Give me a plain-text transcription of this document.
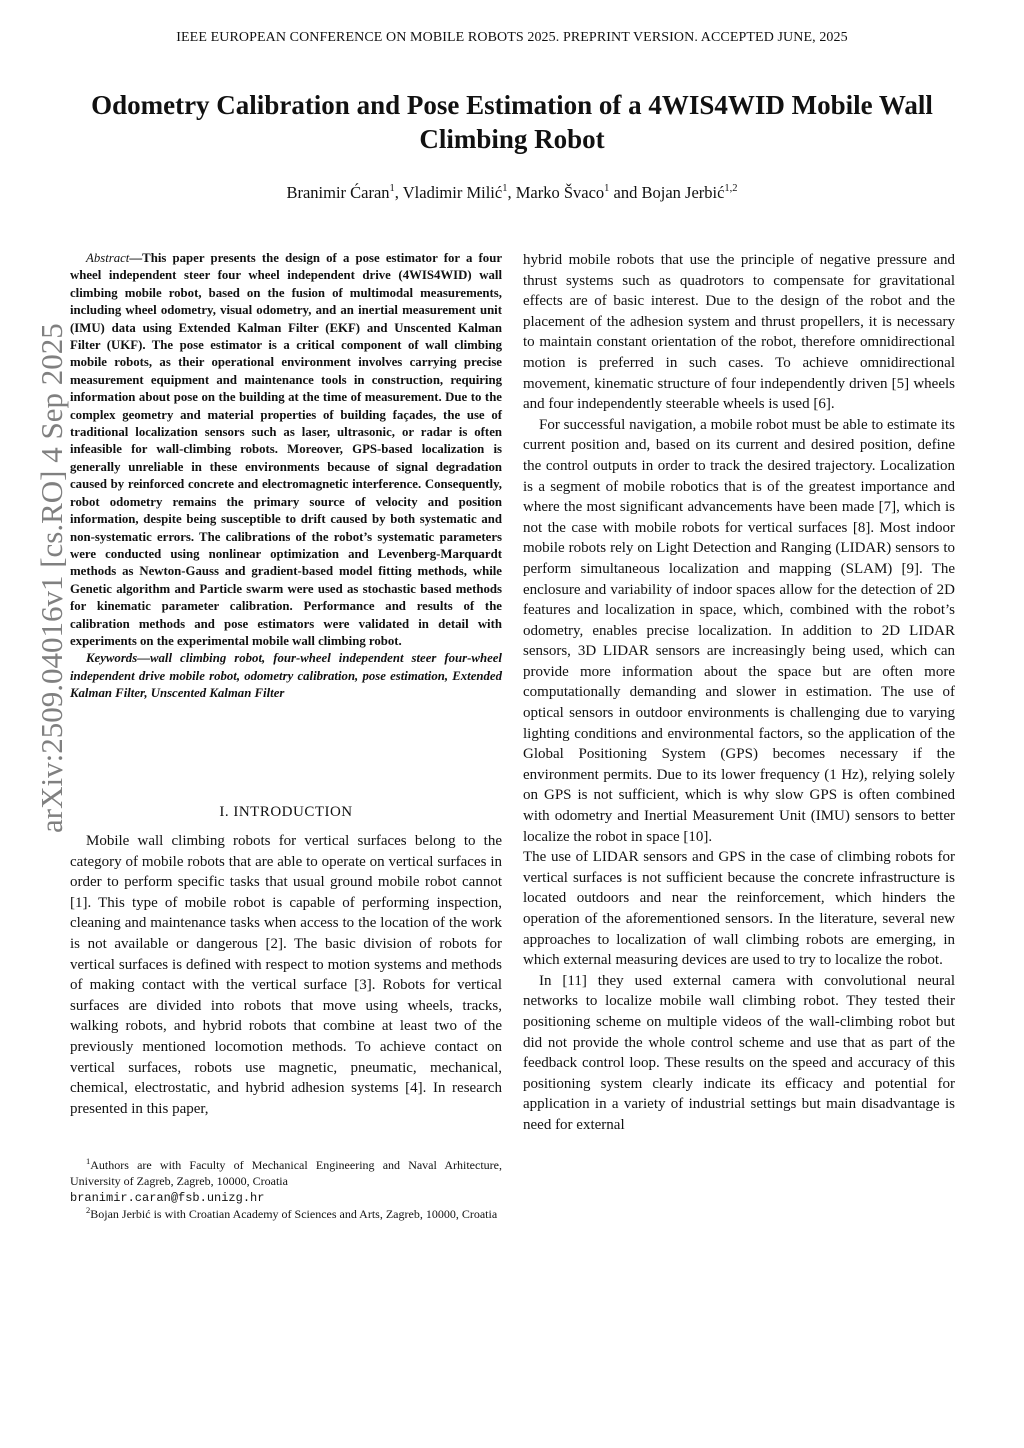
IEEE EUROPEAN CONFERENCE ON MOBILE ROBOTS 2025. PREPRINT VERSION. ACCEPTED JUNE, 2025
Odometry Calibration and Pose Estimation of a 4WIS4WID Mobile Wall Climbing Robot
Branimir Ćaran$^1$, Vladimir Milić$^1$, Marko Švaco$^1$ and Bojan Jerbić$^{1,2}$
arXiv:2509.04016v1 [cs.RO] 4 Sep 2025

Abstract—This paper presents the design of a pose estimator for a four wheel independent steer four wheel independent drive (4WIS4WID) wall climbing mobile robot, based on the fusion of multimodal measurements, including wheel odometry, visual odometry, and an inertial measurement unit (IMU) data using Extended Kalman Filter (EKF) and Unscented Kalman Filter (UKF). The pose estimator is a critical component of wall climbing mobile robots, as their operational environment involves carrying precise measurement equipment and maintenance tools in construction, requiring information about pose on the building at the time of measurement. Due to the complex geometry and material properties of building façades, the use of traditional localization sensors such as laser, ultrasonic, or radar is often infeasible for wall-climbing robots. Moreover, GPS-based localization is generally unreliable in these environments because of signal degradation caused by reinforced concrete and electromagnetic interference. Consequently, robot odometry remains the primary source of velocity and position information, despite being susceptible to drift caused by both systematic and non-systematic errors. The calibrations of the robot’s systematic parameters were conducted using nonlinear optimization and Levenberg-Marquardt methods as Newton-Gauss and gradient-based model fitting methods, while Genetic algorithm and Particle swarm were used as stochastic based methods for kinematic parameter calibration. Performance and results of the calibration methods and pose estimators were validated in detail with experiments on the experimental mobile wall climbing robot.

Keywords—wall climbing robot, four-wheel independent steer four-wheel independent drive mobile robot, odometry calibration, pose estimation, Extended Kalman Filter, Unscented Kalman Filter

I. INTRODUCTION

Mobile wall climbing robots for vertical surfaces belong to the category of mobile robots that are able to operate on vertical surfaces in order to perform specific tasks that usual ground mobile robot cannot [1]. This type of mobile robot is capable of performing inspection, cleaning and maintenance tasks when access to the location of the work is not available or dangerous [2]. The basic division of robots for vertical surfaces is defined with respect to motion systems and methods of making contact with the vertical surface [3]. Robots for vertical surfaces are divided into robots that move using wheels, tracks, walking robots, and hybrid robots that combine at least two of the previously mentioned locomotion methods. To achieve contact on vertical surfaces, robots use magnetic, pneumatic, mechanical, chemical, electrostatic, and hybrid adhesion systems [4]. In research presented in this paper,

$^1$Authors are with Faculty of Mechanical Engineering and Naval Arhitecture, University of Zagreb, Zagreb, 10000, Croatia
branimir.caran@fsb.unizg.hr

$^2$Bojan Jerbić is with Croatian Academy of Sciences and Arts, Zagreb, 10000, Croatia

hybrid mobile robots that use the principle of negative pressure and thrust systems such as quadrotors to compensate for gravitational effects are of basic interest. Due to the design of the robot and the placement of the adhesion system and thrust propellers, it is necessary to maintain constant orientation of the robot, therefore omnidirectional motion is preferred in such cases. To achieve omnidirectional movement, kinematic structure of four independently driven [5] wheels and four independently steerable wheels is used [6].

For successful navigation, a mobile robot must be able to estimate its current position and, based on its current and desired position, define the control outputs in order to track the desired trajectory. Localization is a segment of mobile robotics that is of the greatest importance and where the most significant advancements have been made [7], which is not the case with mobile robots for vertical surfaces [8]. Most indoor mobile robots rely on Light Detection and Ranging (LIDAR) sensors to perform simultaneous localization and mapping (SLAM) [9]. The enclosure and variability of indoor spaces allow for the detection of 2D features and localization in space, which, combined with the robot’s odometry, enables precise localization. In addition to 2D LIDAR sensors, 3D LIDAR sensors are increasingly being used, which can provide more information about the space but are often more computationally demanding and slower in estimation. The use of optical sensors in outdoor environments is challenging due to varying lighting conditions and environmental factors, so the application of the Global Positioning System (GPS) becomes necessary if the environment permits. Due to its lower frequency (1 Hz), relying solely on GPS is not sufficient, which is why slow GPS is often combined with odometry and Inertial Measurement Unit (IMU) sensors to better localize the robot in space [10].

The use of LIDAR sensors and GPS in the case of climbing robots for vertical surfaces is not sufficient because the concrete infrastructure is located outdoors and near the reinforcement, which hinders the operation of the aforementioned sensors. In the literature, several new approaches to localization of wall climbing robots are emerging, in which external measuring devices are used to try to localize the robot.

In [11] they used external camera with convolutional neural networks to localize mobile wall climbing robot. They tested their positioning scheme on multiple videos of the wall-climbing robot but did not provide the whole control scheme and use that as part of the feedback control loop. These results on the speed and accuracy of this positioning system clearly indicate its efficacy and potential for application in a variety of industrial settings but main disadvantage is need for external
